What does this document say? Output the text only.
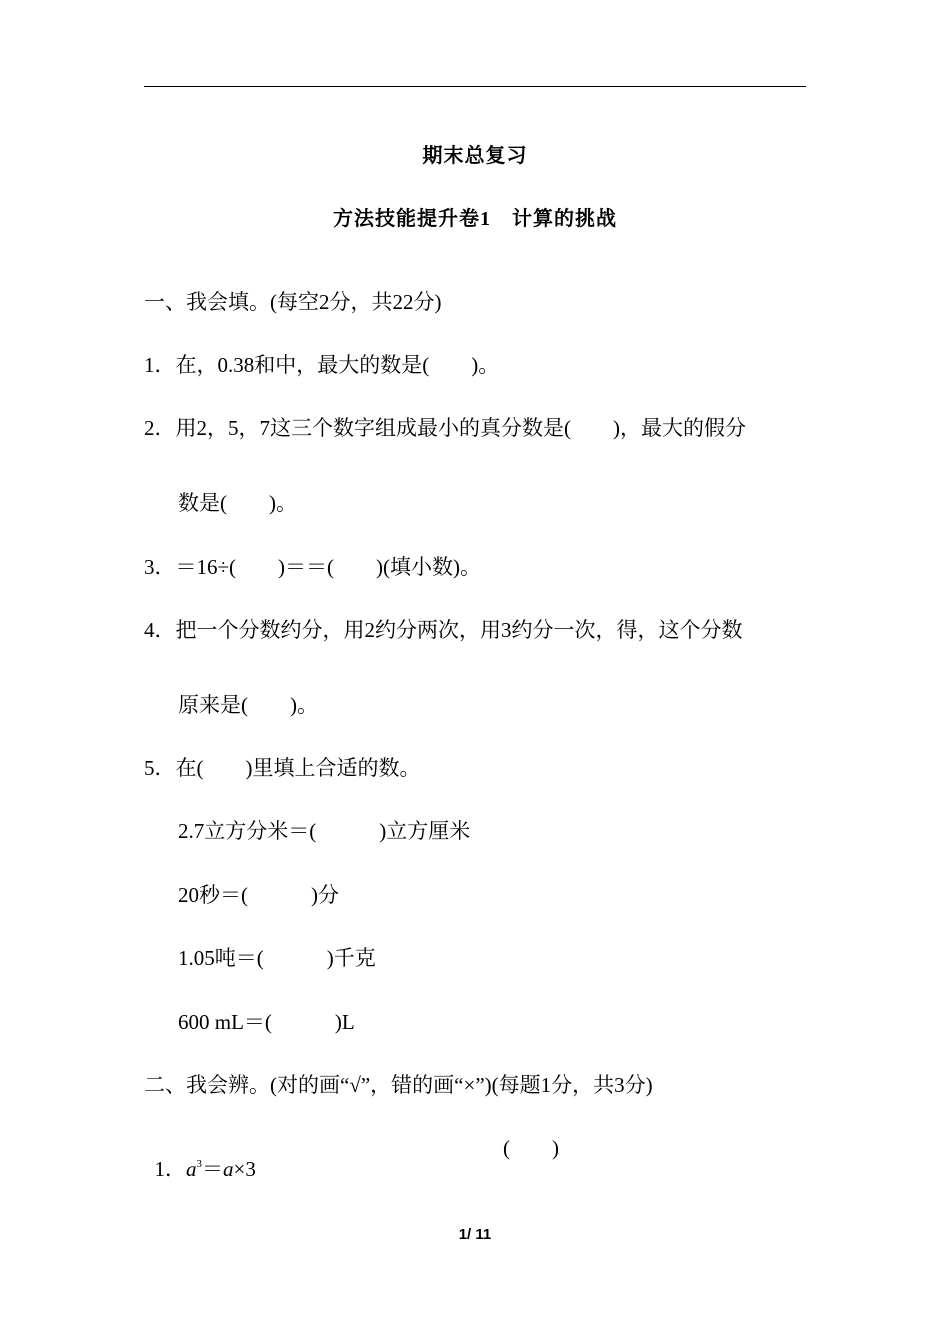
期末总复习
方法技能提升卷1　计算的挑战
一、我会填。(每空2分，共22分)
1．在，0.38和中，最大的数是(　　)。
2．用2，5，7这三个数字组成最小的真分数是(　　)，最大的假分
数是(　　)。
3．＝16÷(　　)＝＝(　　)(填小数)。
4．把一个分数约分，用2约分两次，用3约分一次，得，这个分数
原来是(　　)。
5．在(　　)里填上合适的数。
2.7立方分米＝(　　　)立方厘米
20秒＝(　　　)分
1.05吨＝(　　　)千克
600 mL＝(　　　)L
二、我会辨。(对的画“√”，错的画“×”)(每题1分，共3分)

1．$a^3=a\times 3$

(　　)
1/ 11
